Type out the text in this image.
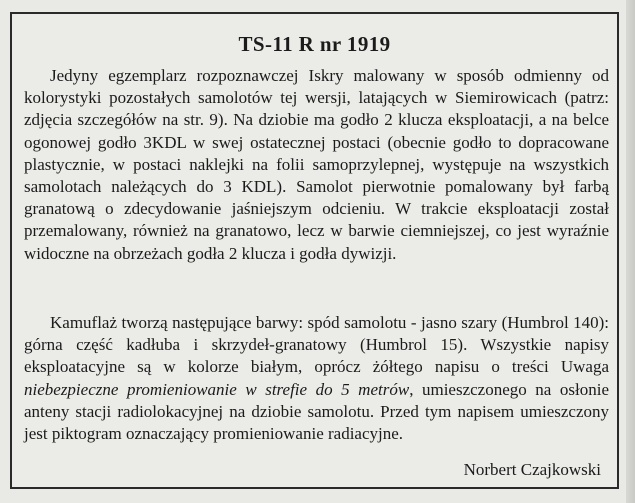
TS-11 R nr 1919

Jedyny egzemplarz rozpoznawczej Iskry malowany w sposób odmienny od kolorystyki pozostałych samolotów tej wersji, latających w Siemirowicach (patrz: zdjęcia szczegółów na str. 9). Na dziobie ma godło 2 klucza eksploatacji, a na belce ogonowej godło 3KDL w swej ostatecznej postaci (obecnie godło to dopracowane plastycznie, w postaci naklejki na folii samoprzylepnej, występuje na wszystkich samolotach należących do 3 KDL). Samolot pierwotnie pomalowany był farbą granatową o zdecydowanie jaśniejszym odcieniu. W trakcie eksploatacji został przemalowany, również na granatowo, lecz w barwie ciemniejszej, co jest wyraźnie widoczne na obrzeżach godła 2 klucza i godła dywizji.

Kamuflaż tworzą następujące barwy: spód samolotu - jasno szary (Humbrol 140): górna część kadłuba i skrzydeł-granatowy (Humbrol 15). Wszystkie napisy eksploatacyjne są w kolorze białym, oprócz żółtego napisu o treści Uwaga niebezpieczne promieniowanie w strefie do 5 metrów, umieszczonego na osłonie anteny stacji radiolokacyjnej na dziobie samolotu. Przed tym napisem umieszczony jest piktogram oznaczający promieniowanie radiacyjne.

Norbert Czajkowski
